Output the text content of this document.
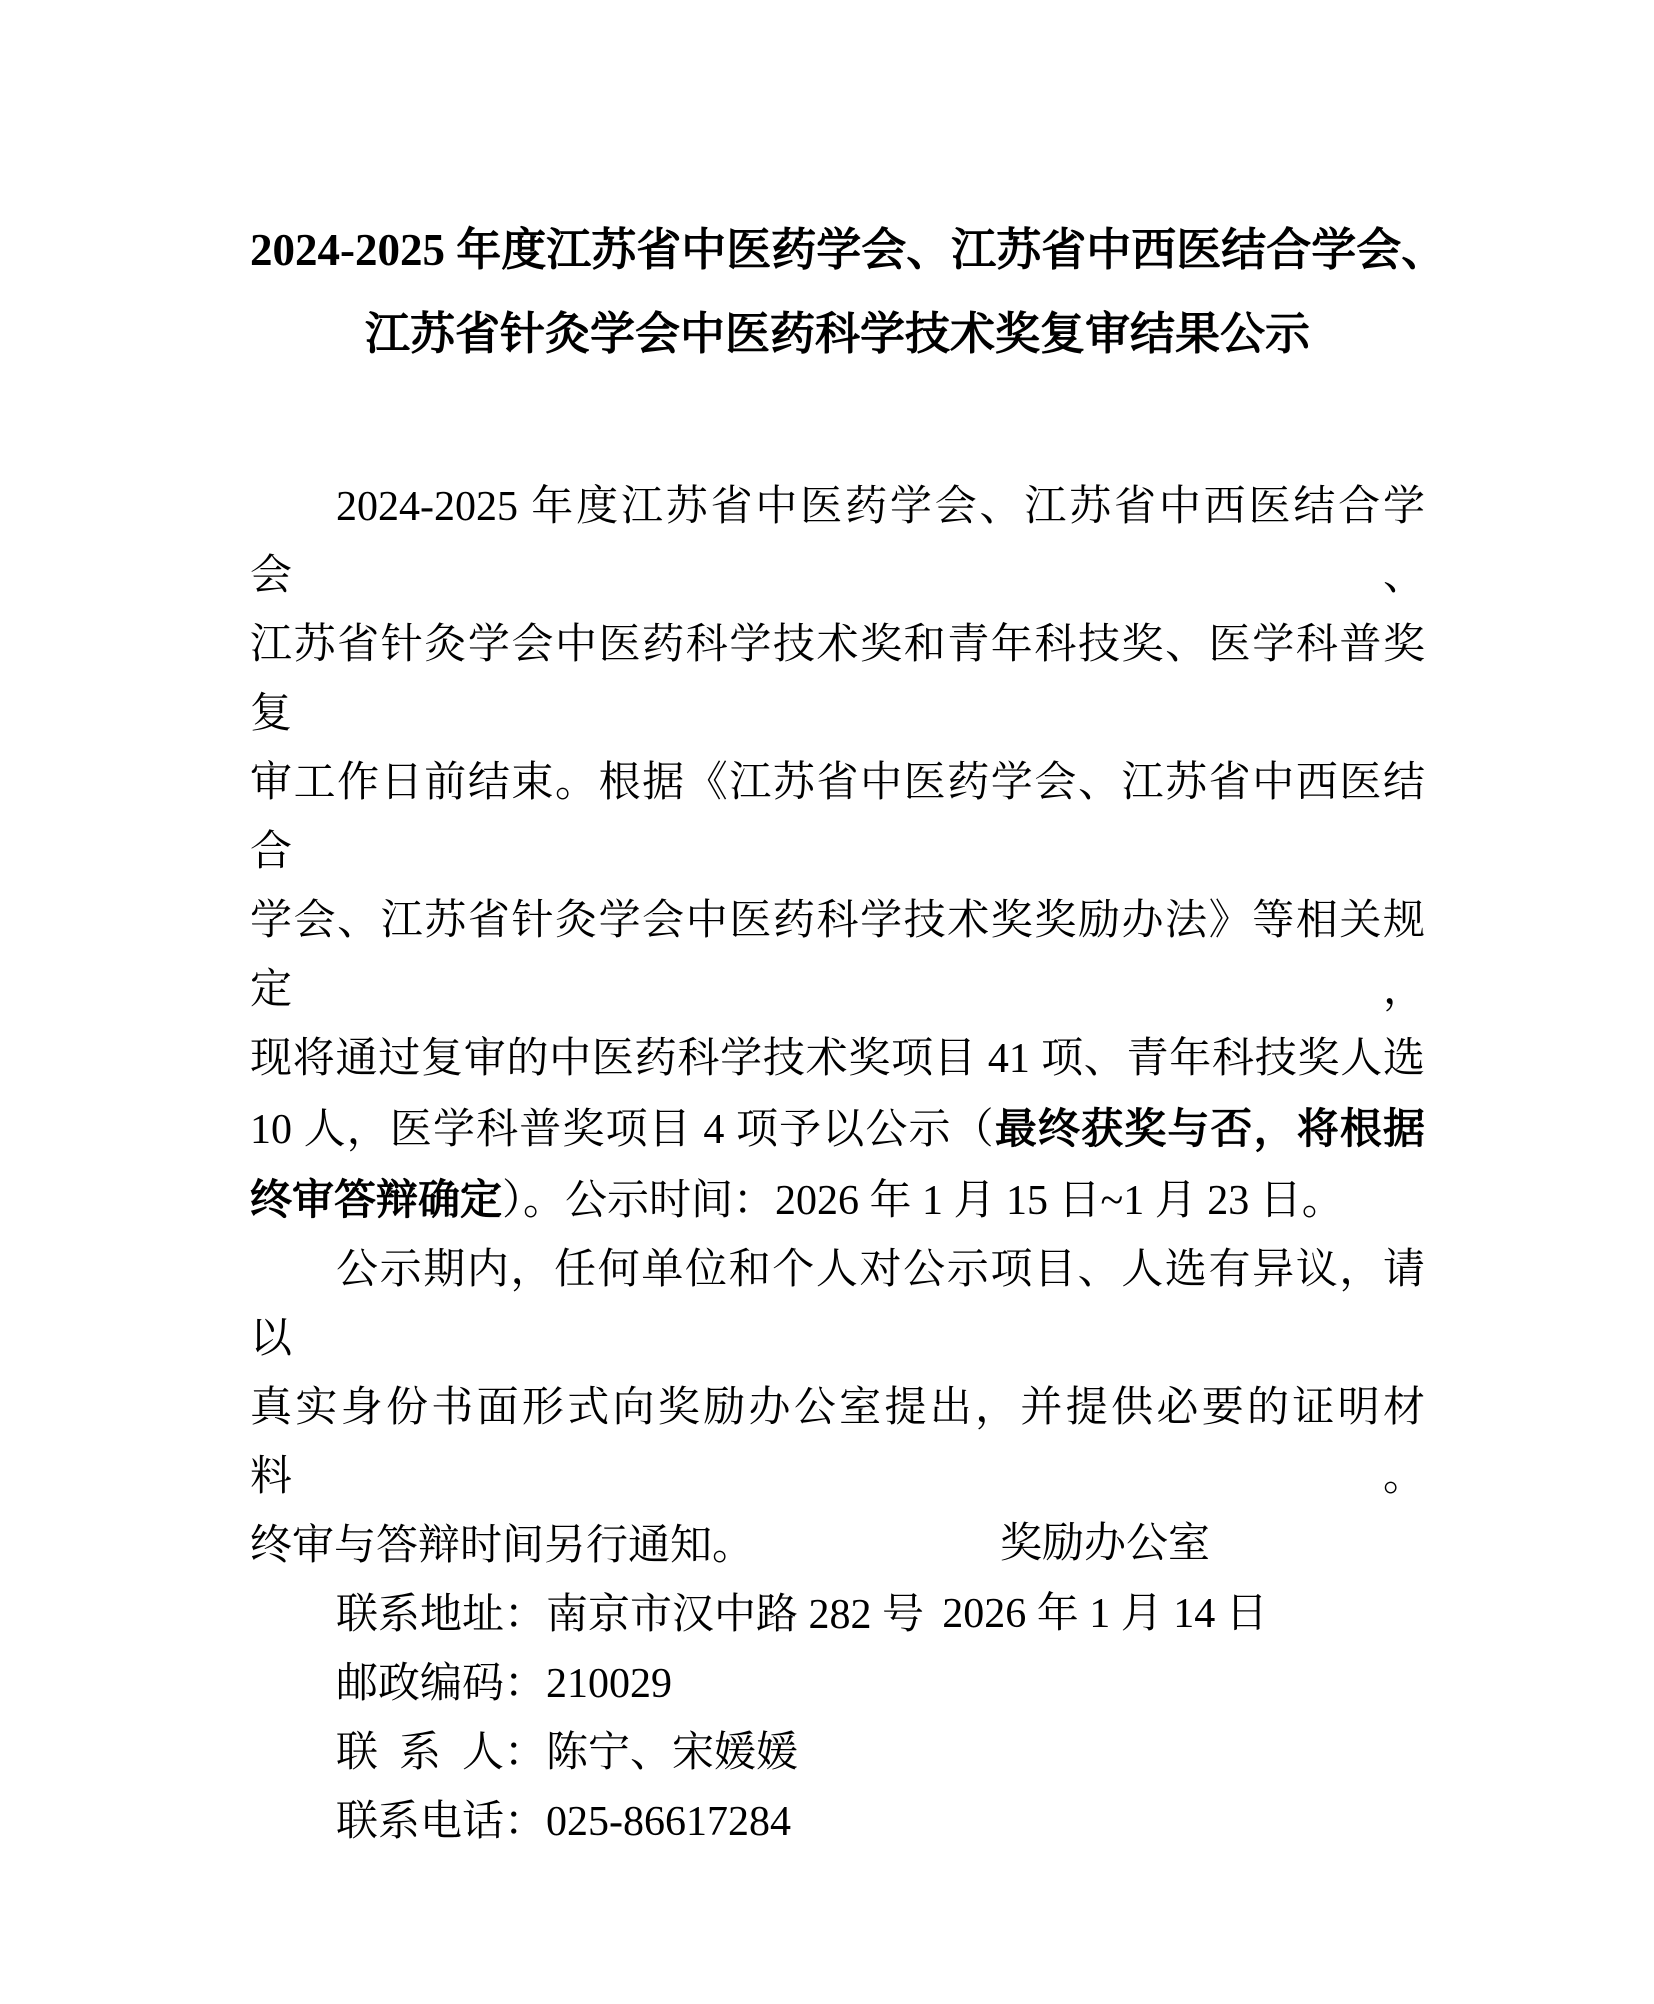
2024-2025 年度江苏省中医药学会、江苏省中西医结合学会、
江苏省针灸学会中医药科学技术奖复审结果公示
2024-2025 年度江苏省中医药学会、江苏省中西医结合学会、
江苏省针灸学会中医药科学技术奖和青年科技奖、医学科普奖复
审工作日前结束。根据《江苏省中医药学会、江苏省中西医结合
学会、江苏省针灸学会中医药科学技术奖奖励办法》等相关规定，
现将通过复审的中医药科学技术奖项目 41 项、青年科技奖人选
10 人，医学科普奖项目 4 项予以公示（最终获奖与否，将根据
终审答辩确定）。公示时间：2026 年 1 月 15 日~1 月 23 日。
公示期内，任何单位和个人对公示项目、人选有异议，请以
真实身份书面形式向奖励办公室提出，并提供必要的证明材料。
终审与答辩时间另行通知。
联系地址：南京市汉中路 282 号
邮政编码：210029
联系人：陈宁、宋媛媛
联系电话：025-86617284
奖励办公室
2026 年 1 月 14 日
